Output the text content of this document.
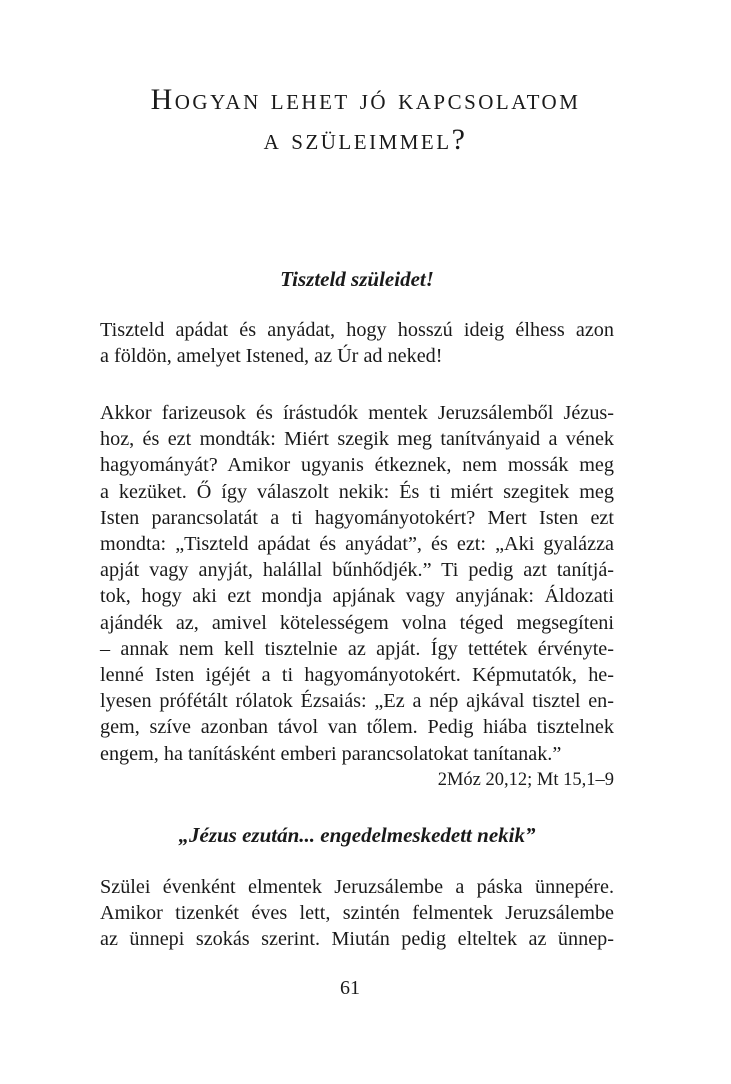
Hogyan lehet jó kapcsolatom
a szüleimmel?
Tiszteld szüleidet!
Tiszteld apádat és anyádat, hogy hosszú ideig élhess azon
a földön, amelyet Istened, az Úr ad neked!
Akkor farizeusok és írástudók mentek Jeruzsálemből Jézus-
hoz, és ezt mondták: Miért szegik meg tanítványaid a vének
hagyományát? Amikor ugyanis étkeznek, nem mossák meg
a kezüket. Ő így válaszolt nekik: És ti miért szegitek meg
Isten parancsolatát a ti hagyományotokért? Mert Isten ezt
mondta: „Tiszteld apádat és anyádat”, és ezt: „Aki gyalázza
apját vagy anyját, halállal bűnhődjék.” Ti pedig azt tanítjá-
tok, hogy aki ezt mondja apjának vagy anyjának: Áldozati
ajándék az, amivel kötelességem volna téged megsegíteni
– annak nem kell tisztelnie az apját. Így tettétek érvényte-
lenné Isten igéjét a ti hagyományotokért. Képmutatók, he-
lyesen prófétált rólatok Ézsaiás: „Ez a nép ajkával tisztel en-
gem, szíve azonban távol van tőlem. Pedig hiába tisztelnek
engem, ha tanításként emberi parancsolatokat tanítanak.”

2Móz 20,12; Mt 15,1–9

„Jézus ezután... engedelmeskedett nekik”
Szülei évenként elmentek Jeruzsálembe a páska ünnepére.
Amikor tizenkét éves lett, szintén felmentek Jeruzsálembe
az ünnepi szokás szerint. Miután pedig elteltek az ünnep-
61
